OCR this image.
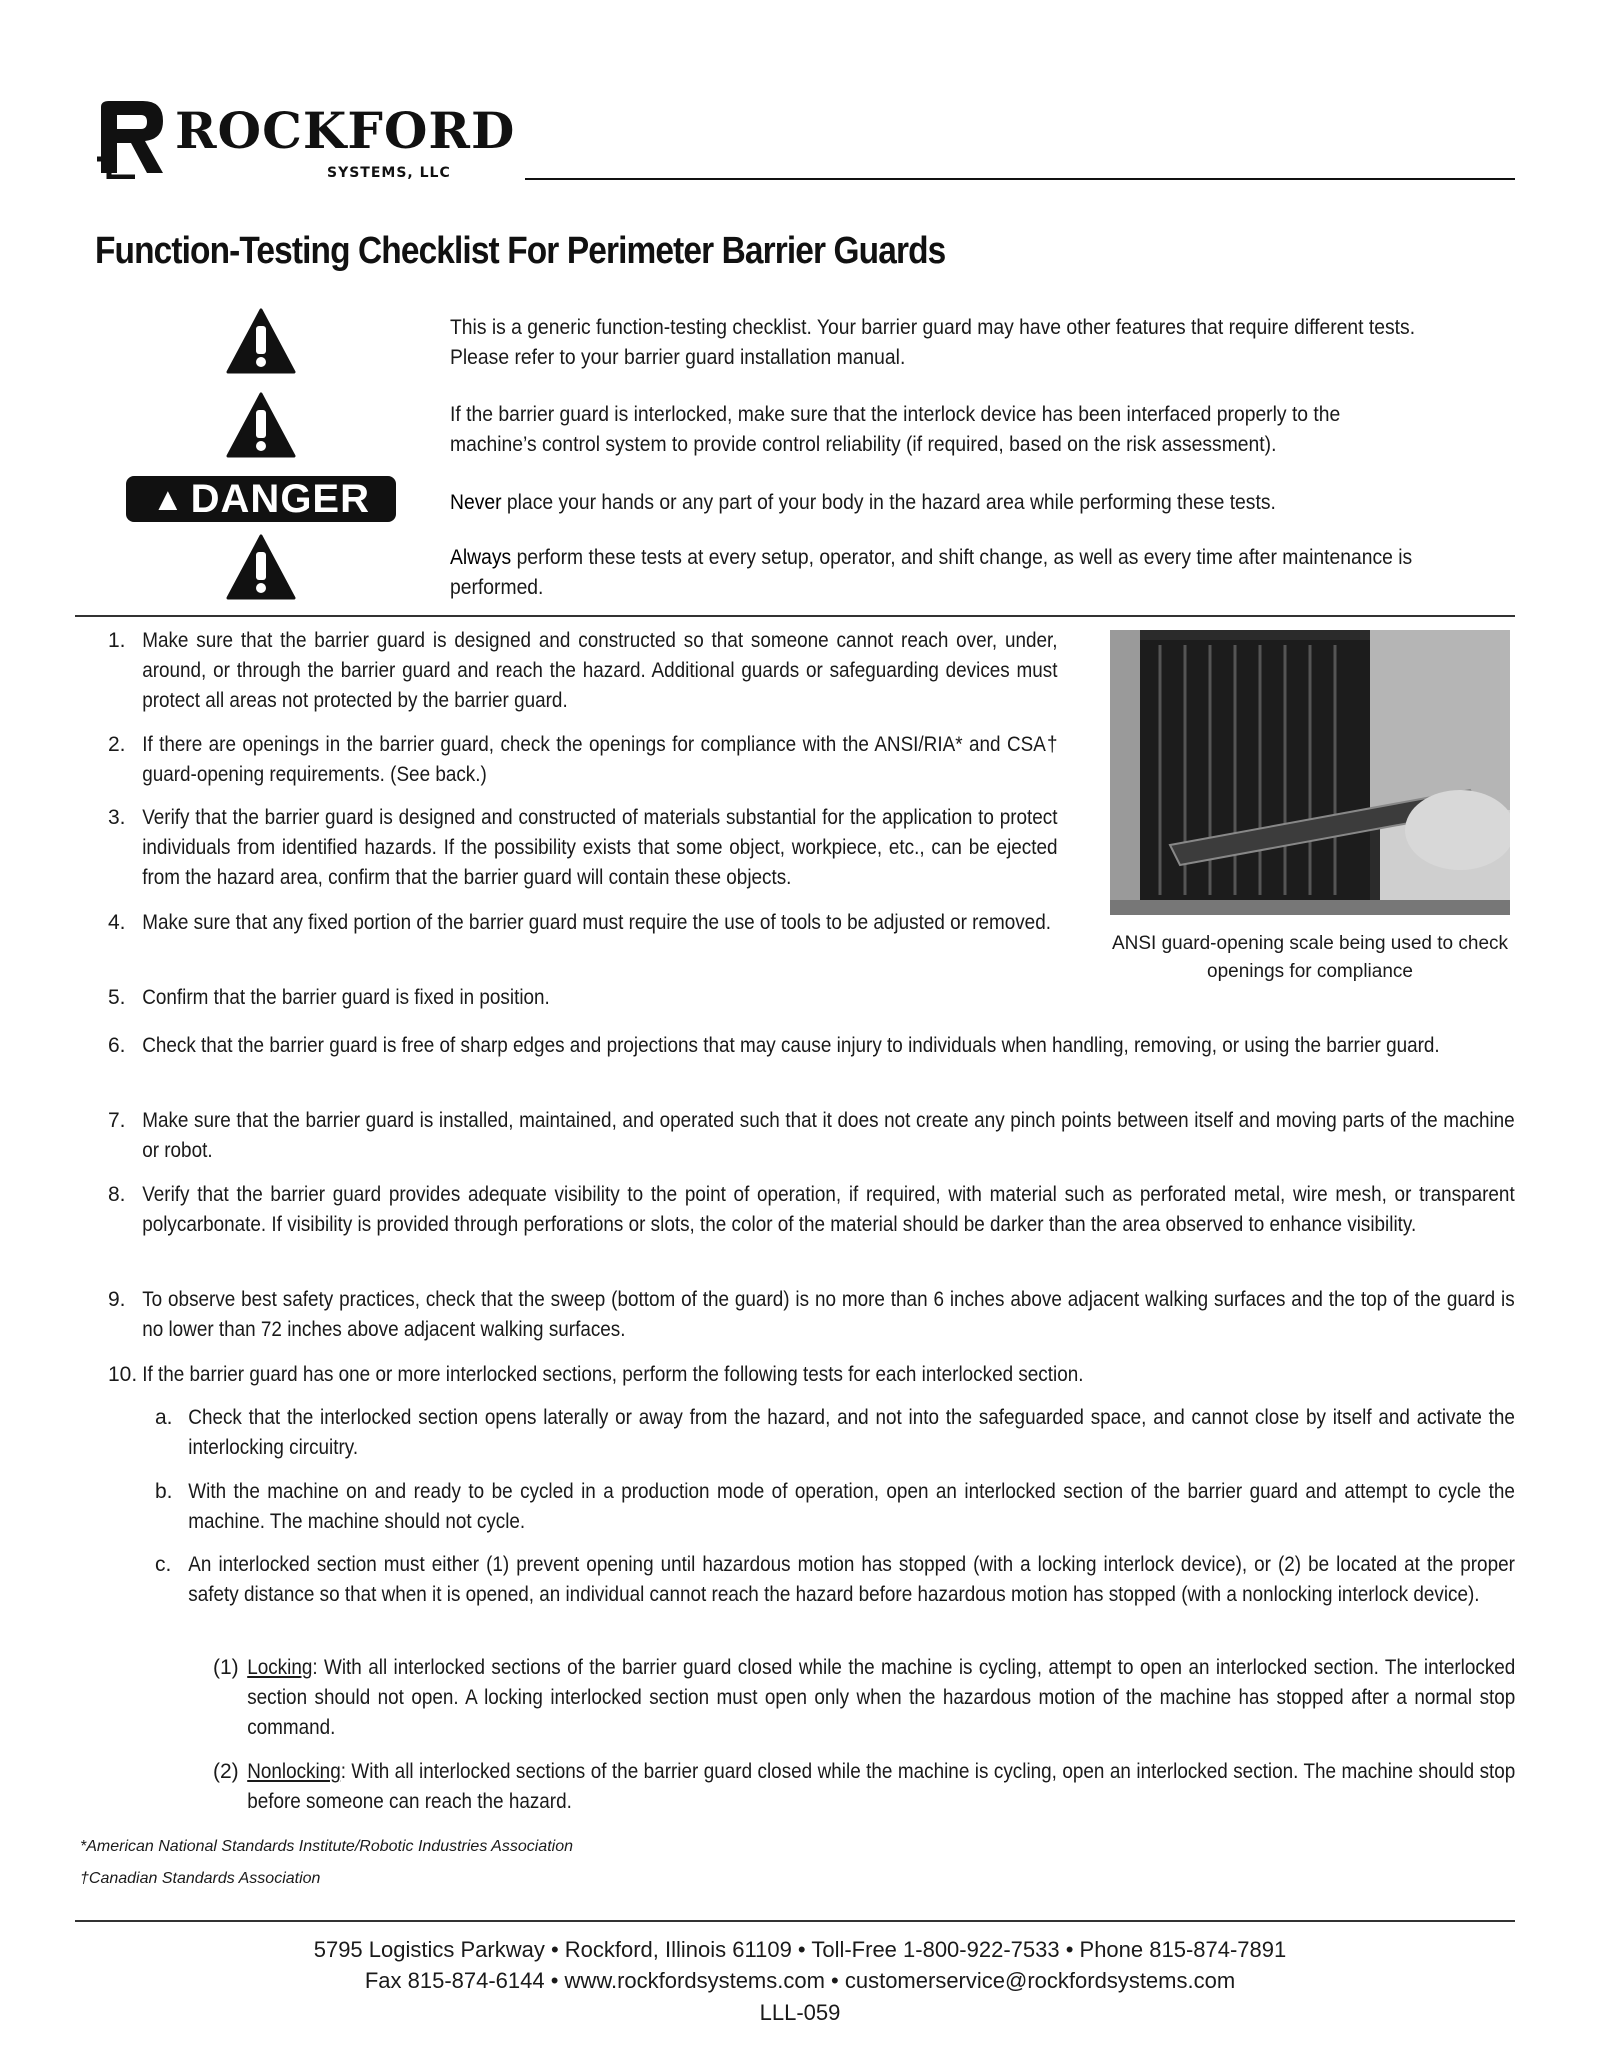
ROCKFORD
SYSTEMS, LLC
Function-Testing Checklist For Perimeter Barrier Guards
▲ DANGER
This is a generic function-testing checklist. Your barrier guard may have other features that require different tests. Please refer to your barrier guard installation manual.
If the barrier guard is interlocked, make sure that the interlock device has been interfaced properly to the machine’s control system to provide control reliability (if required, based on the risk assessment).
Never place your hands or any part of your body in the hazard area while performing these tests.
Always perform these tests at every setup, operator, and shift change, as well as every time after maintenance is performed.
1. Make sure that the barrier guard is designed and constructed so that someone cannot reach over, under, around, or through the barrier guard and reach the hazard. Additional guards or safeguarding devices must protect all areas not protected by the barrier guard.
2. If there are openings in the barrier guard, check the openings for compliance with the ANSI/RIA* and CSA† guard-opening requirements. (See back.)
3. Verify that the barrier guard is designed and constructed of materials substantial for the application to protect individuals from identified hazards. If the possibility exists that some object, workpiece, etc., can be ejected from the hazard area, confirm that the barrier guard will contain these objects.
4. Make sure that any fixed portion of the barrier guard must require the use of tools to be adjusted or removed.
5. Confirm that the barrier guard is fixed in position.
ANSI guard-opening scale being used to check openings for compliance
6. Check that the barrier guard is free of sharp edges and projections that may cause injury to individuals when handling, removing, or using the barrier guard.
7. Make sure that the barrier guard is installed, maintained, and operated such that it does not create any pinch points between itself and moving parts of the machine or robot.
8. Verify that the barrier guard provides adequate visibility to the point of operation, if required, with material such as perforated metal, wire mesh, or transparent polycarbonate. If visibility is provided through perforations or slots, the color of the material should be darker than the area observed to enhance visibility.
9. To observe best safety practices, check that the sweep (bottom of the guard) is no more than 6 inches above adjacent walking surfaces and the top of the guard is no lower than 72 inches above adjacent walking surfaces.
10. If the barrier guard has one or more interlocked sections, perform the following tests for each interlocked section.
a. Check that the interlocked section opens laterally or away from the hazard, and not into the safeguarded space, and cannot close by itself and activate the interlocking circuitry.
b. With the machine on and ready to be cycled in a production mode of operation, open an interlocked section of the barrier guard and attempt to cycle the machine. The machine should not cycle.
c. An interlocked section must either (1) prevent opening until hazardous motion has stopped (with a locking interlock device), or (2) be located at the proper safety distance so that when it is opened, an individual cannot reach the hazard before hazardous motion has stopped (with a nonlocking interlock device).
(1) Locking: With all interlocked sections of the barrier guard closed while the machine is cycling, attempt to open an interlocked section. The interlocked section should not open. A locking interlocked section must open only when the hazardous motion of the machine has stopped after a normal stop command.
(2) Nonlocking: With all interlocked sections of the barrier guard closed while the machine is cycling, open an interlocked section. The machine should stop before someone can reach the hazard.
*American National Standards Institute/Robotic Industries Association
†Canadian Standards Association
5795 Logistics Parkway • Rockford, Illinois 61109 • Toll-Free 1-800-922-7533 • Phone 815-874-7891
Fax 815-874-6144 • www.rockfordsystems.com • customerservice@rockfordsystems.com
LLL-059
